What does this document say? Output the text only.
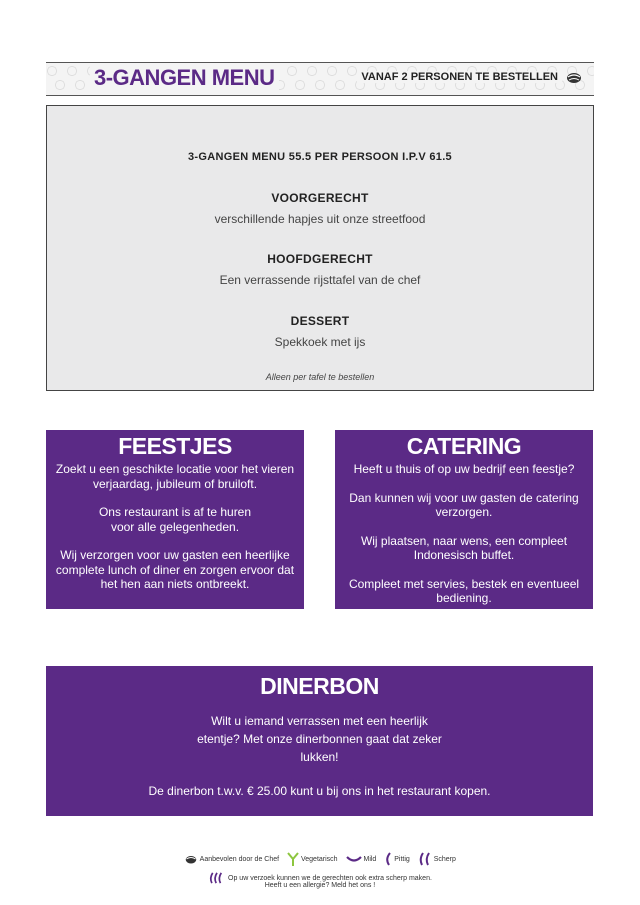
3-GANGEN MENU	VANAF 2 PERSONEN TE BESTELLEN
3-GANGEN MENU 55.5 PER PERSOON I.P.V 61.5
VOORGERECHT
verschillende hapjes uit onze streetfood
HOOFDGERECHT
Een verrassende rijsttafel van de chef
DESSERT
Spekkoek met ijs
Alleen per tafel te bestellen
FEESTJES

Zoekt u een geschikte locatie voor het vieren verjaardag, jubileum of bruiloft.

Ons restaurant is af te huren voor alle gelegenheden.

Wij verzorgen voor uw gasten een heerlijke complete lunch of diner en zorgen ervoor dat het hen aan niets ontbreekt.

CATERING

Heeft u thuis of op uw bedrijf een feestje?

Dan kunnen wij voor uw gasten de catering verzorgen.

Wij plaatsen, naar wens, een compleet Indonesisch buffet.

Compleet met servies, bestek en eventueel bediening.

DINERBON

Wilt u iemand verrassen met een heerlijk etentje? Met onze dinerbonnen gaat dat zeker lukken!

De dinerbon t.w.v. € 25.00 kunt u bij ons in het restaurant kopen.

Aanbevolen door de Chef	Vegetarisch	Mild	Pittig	Scherp
Op uw verzoek kunnen we de gerechten ook extra scherp maken.
Heeft u een allergie? Meld het ons !
